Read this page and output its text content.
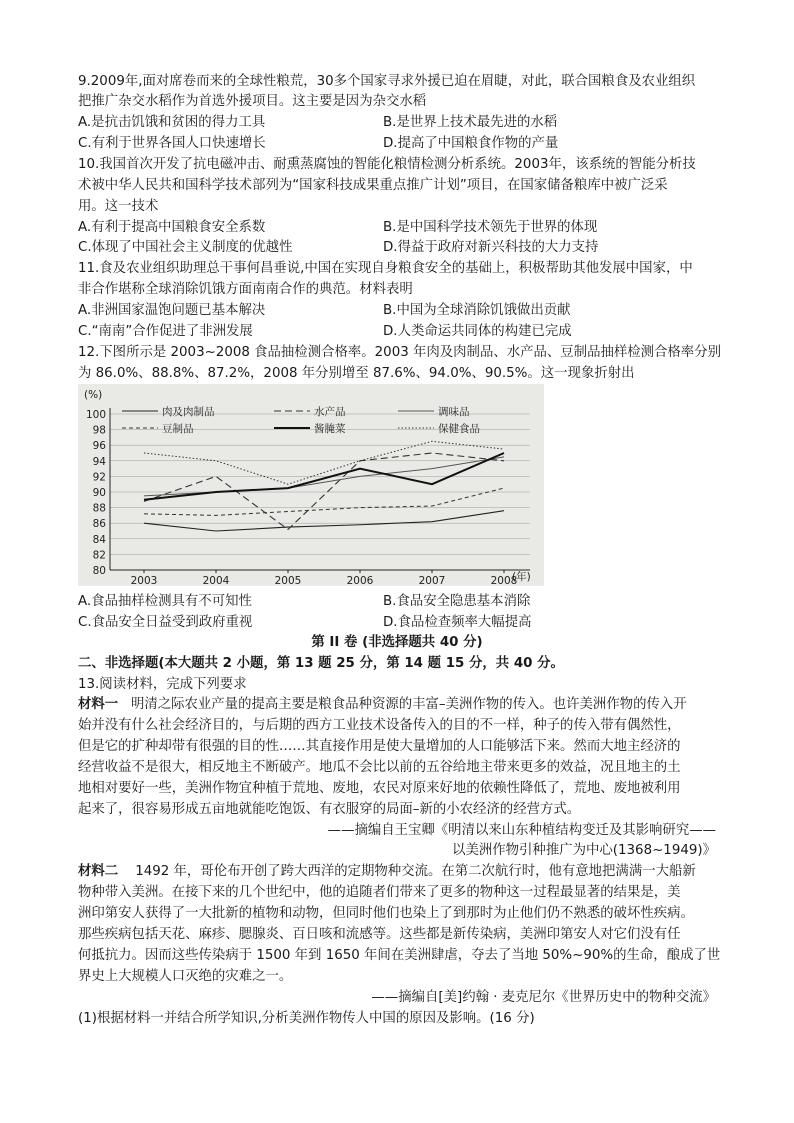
9.2009年,面对席卷而来的全球性粮荒，30多个国家寻求外援已迫在眉睫，对此，联合国粮食及农业组织
把推广杂交水稻作为首选外援项目。这主要是因为杂交水稻
A.是抗击饥饿和贫困的得力工具	B.是世界上技术最先进的水稻
C.有利于世界各国人口快速增长	D.提高了中国粮食作物的产量
10.我国首次开发了抗电磁冲击、耐熏蒸腐蚀的智能化粮情检测分析系统。2003年，该系统的智能分析技
术被中华人民共和国科学技术部列为“国家科技成果重点推广计划”项目，在国家储备粮库中被广泛采
用。这一技术
A.有利于提高中国粮食安全系数	B.是中国科学技术领先于世界的体现
C.体现了中国社会主义制度的优越性	D.得益于政府对新兴科技的大力支持
11.食及农业组织助理总干事何昌垂说,中国在实现自身粮食安全的基础上，积极帮助其他发展中国家，中
非合作堪称全球消除饥饿方面南南合作的典范。材料表明
A.非洲国家温饱问题已基本解决	B.中国为全球消除饥饿做出贡献
C.“南南”合作促进了非洲发展	D.人类命运共同体的构建已完成
12.下图所示是 2003~2008 食品抽检测合格率。2003 年肉及肉制品、水产品、豆制品抽样检测合格率分别
为 86.0%、88.8%、87.2%，2008 年分别增至 87.6%、94.0%、90.5%。这一现象折射出
80
82
84
86
88
90
92
94
96
98
100
2003	2004	2005	2006	2007	2008
肉及肉制品	水产品	调味品
豆制品	酱腌菜	保健食品
(%)
(年)
A.食品抽样检测具有不可知性	B.食品安全隐患基本消除
C.食品安全日益受到政府重视	D.食品检查频率大幅提高
第 II 卷 (非选择题共 40 分)
二、非选择题(本大题共 2 小题，第 13 题 25 分，第 14 题 15 分，共 40 分。
13.阅读材料，完成下列要求
材料一 明清之际农业产量的提高主要是粮食品种资源的丰富–美洲作物的传入。也许美洲作物的传入开
始并没有什么社会经济目的，与后期的西方工业技术设备传入的目的不一样，种子的传入带有偶然性，
但是它的扩种却带有很强的目的性……其直接作用是使大量增加的人口能够活下来。然而大地主经济的
经营收益不是很大，相反地主不断破产。地瓜不会比以前的五谷给地主带来更多的效益，况且地主的土
地相对要好一些，美洲作物宜种植于荒地、废地，农民对原来好地的依赖性降低了，荒地、废地被利用
起来了，很容易形成五亩地就能吃饱饭、有衣服穿的局面–新的小农经济的经营方式。
——摘编自王宝卿《明清以来山东种植结构变迁及其影响研究——
以美洲作物引种推广为中心(1368~1949)》
材料二 1492 年，哥伦布开创了跨大西洋的定期物种交流。在第二次航行时，他有意地把满满一大船新
物种带入美洲。在接下来的几个世纪中，他的追随者们带来了更多的物种这一过程最显著的结果是，美
洲印第安人获得了一大批新的植物和动物，但同时他们也染上了到那时为止他们仍不熟悉的破坏性疾病。
那些疾病包括天花、麻疹、腮腺炎、百日咳和流感等。这些都是新传染病，美洲印第安人对它们没有任
何抵抗力。因而这些传染病于 1500 年到 1650 年间在美洲肆虐，夺去了当地 50%~90%的生命，酿成了世
界史上大规模人口灭绝的灾难之一。
——摘编自[美]约翰 · 麦克尼尔《世界历史中的物种交流》
(1)根据材料一并结合所学知识,分析美洲作物传人中国的原因及影响。(16 分)
